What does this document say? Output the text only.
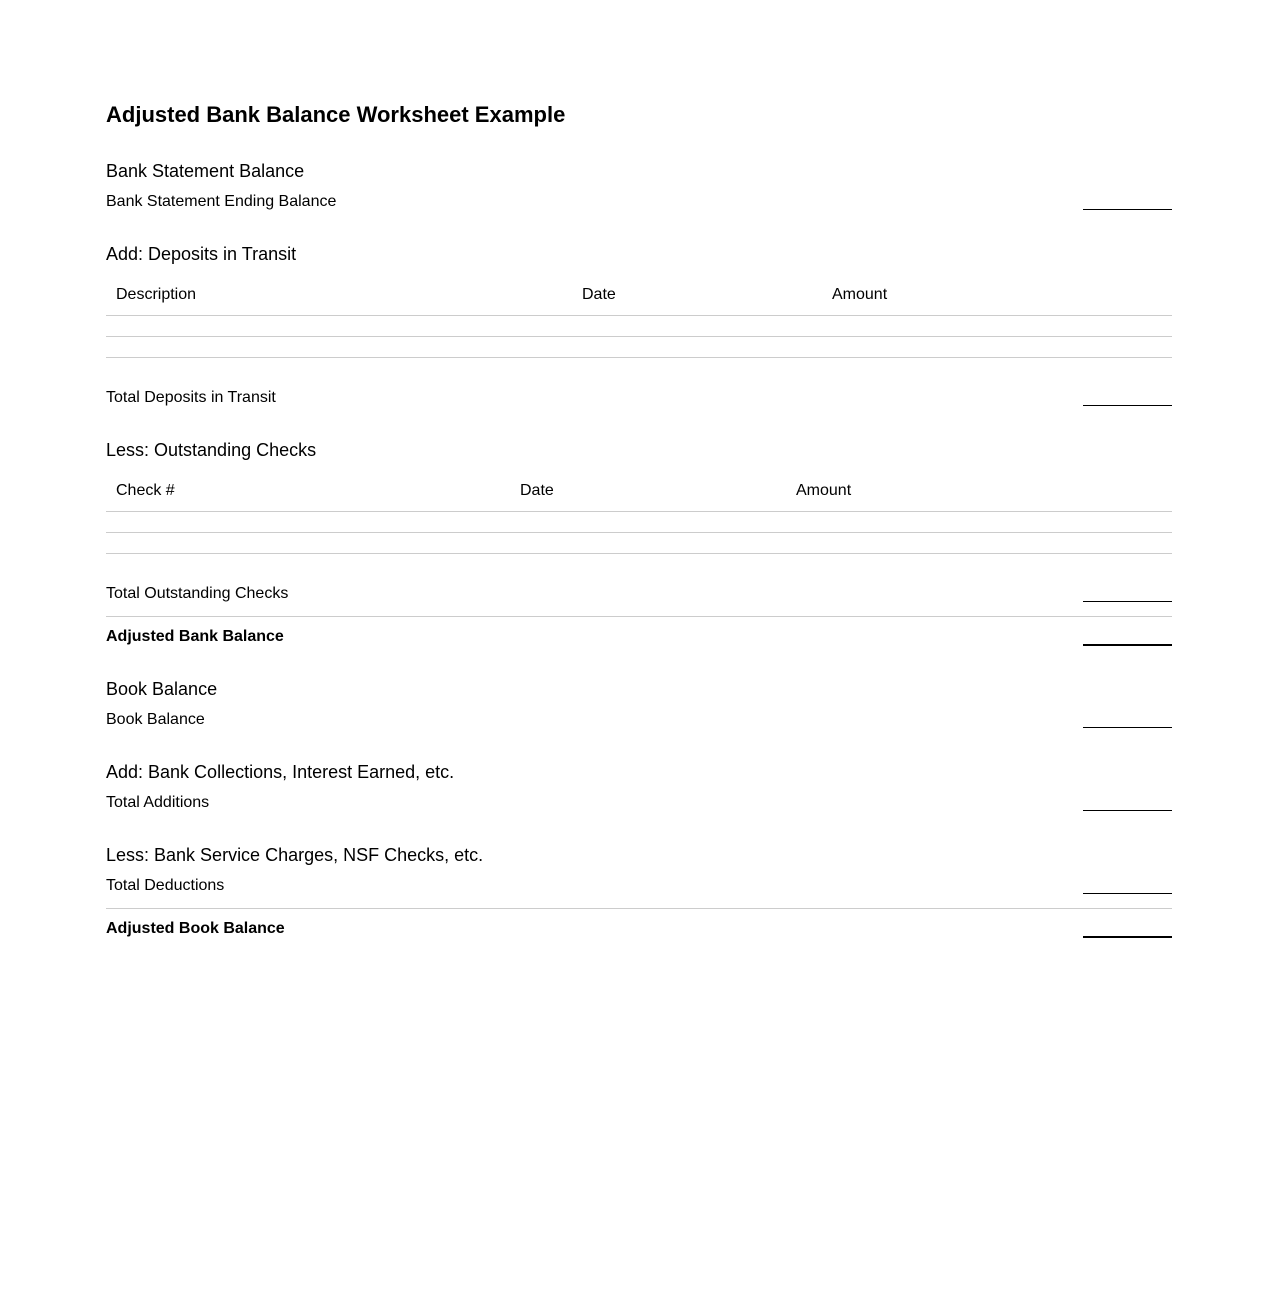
Adjusted Bank Balance Worksheet Example
Bank Statement Balance
Bank Statement Ending Balance
Add: Deposits in Transit
Description	Date	Amount
Total Deposits in Transit
Less: Outstanding Checks
Check #	Date	Amount
Total Outstanding Checks
Adjusted Bank Balance
Book Balance
Book Balance
Add: Bank Collections, Interest Earned, etc.
Total Additions
Less: Bank Service Charges, NSF Checks, etc.
Total Deductions
Adjusted Book Balance
